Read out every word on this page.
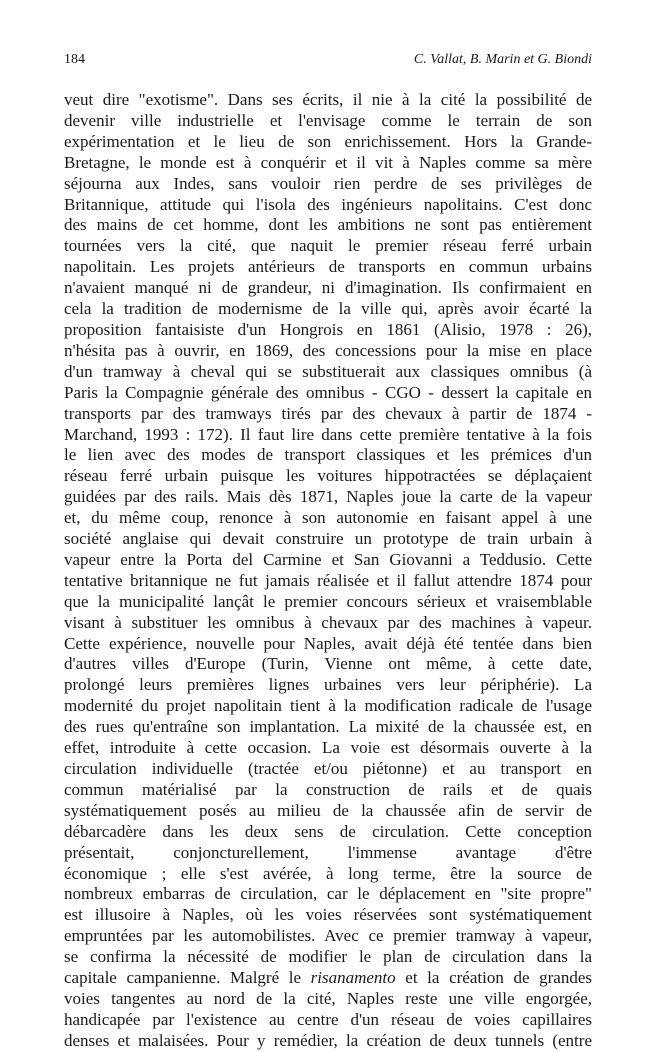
184	C. Vallat, B. Marin et G. Biondi
veut dire "exotisme". Dans ses écrits, il nie à la cité la possibilité de
devenir ville industrielle et l'envisage comme le terrain de son
expérimentation et le lieu de son enrichissement. Hors la Grande-
Bretagne, le monde est à conquérir et il vit à Naples comme sa mère
séjourna aux Indes, sans vouloir rien perdre de ses privilèges de
Britannique, attitude qui l'isola des ingénieurs napolitains. C'est donc
des mains de cet homme, dont les ambitions ne sont pas entièrement
tournées vers la cité, que naquit le premier réseau ferré urbain
napolitain. Les projets antérieurs de transports en commun urbains
n'avaient manqué ni de grandeur, ni d'imagination. Ils confirmaient en
cela la tradition de modernisme de la ville qui, après avoir écarté la
proposition fantaisiste d'un Hongrois en 1861 (Alisio, 1978 : 26),
n'hésita pas à ouvrir, en 1869, des concessions pour la mise en place
d'un tramway à cheval qui se substituerait aux classiques omnibus (à
Paris la Compagnie générale des omnibus - CGO - dessert la capitale en
transports par des tramways tirés par des chevaux à partir de 1874 -
Marchand, 1993 : 172). Il faut lire dans cette première tentative à la fois
le lien avec des modes de transport classiques et les prémices d'un
réseau ferré urbain puisque les voitures hippotractées se déplaçaient
guidées par des rails. Mais dès 1871, Naples joue la carte de la vapeur
et, du même coup, renonce à son autonomie en faisant appel à une
société anglaise qui devait construire un prototype de train urbain à
vapeur entre la Porta del Carmine et San Giovanni a Teddusio. Cette
tentative britannique ne fut jamais réalisée et il fallut attendre 1874 pour
que la municipalité lançât le premier concours sérieux et vraisemblable
visant à substituer les omnibus à chevaux par des machines à vapeur.
Cette expérience, nouvelle pour Naples, avait déjà été tentée dans bien
d'autres villes d'Europe (Turin, Vienne ont même, à cette date,
prolongé leurs premières lignes urbaines vers leur périphérie). La
modernité du projet napolitain tient à la modification radicale de l'usage
des rues qu'entraîne son implantation. La mixité de la chaussée est, en
effet, introduite à cette occasion. La voie est désormais ouverte à la
circulation individuelle (tractée et/ou piétonne) et au transport en
commun matérialisé par la construction de rails et de quais
systématiquement posés au milieu de la chaussée afin de servir de
débarcadère dans les deux sens de circulation. Cette conception
présentait, conjoncturellement, l'immense avantage d'être
économique ; elle s'est avérée, à long terme, être la source de
nombreux embarras de circulation, car le déplacement en "site propre"
est illusoire à Naples, où les voies réservées sont systématiquement
empruntées par les automobilistes. Avec ce premier tramway à vapeur,
se confirma la nécessité de modifier le plan de circulation dans la
capitale campanienne. Malgré le risanamento et la création de grandes
voies tangentes au nord de la cité, Naples reste une ville engorgée,
handicapée par l'existence au centre d'un réseau de voies capillaires
denses et malaisées. Pour y remédier, la création de deux tunnels (entre
